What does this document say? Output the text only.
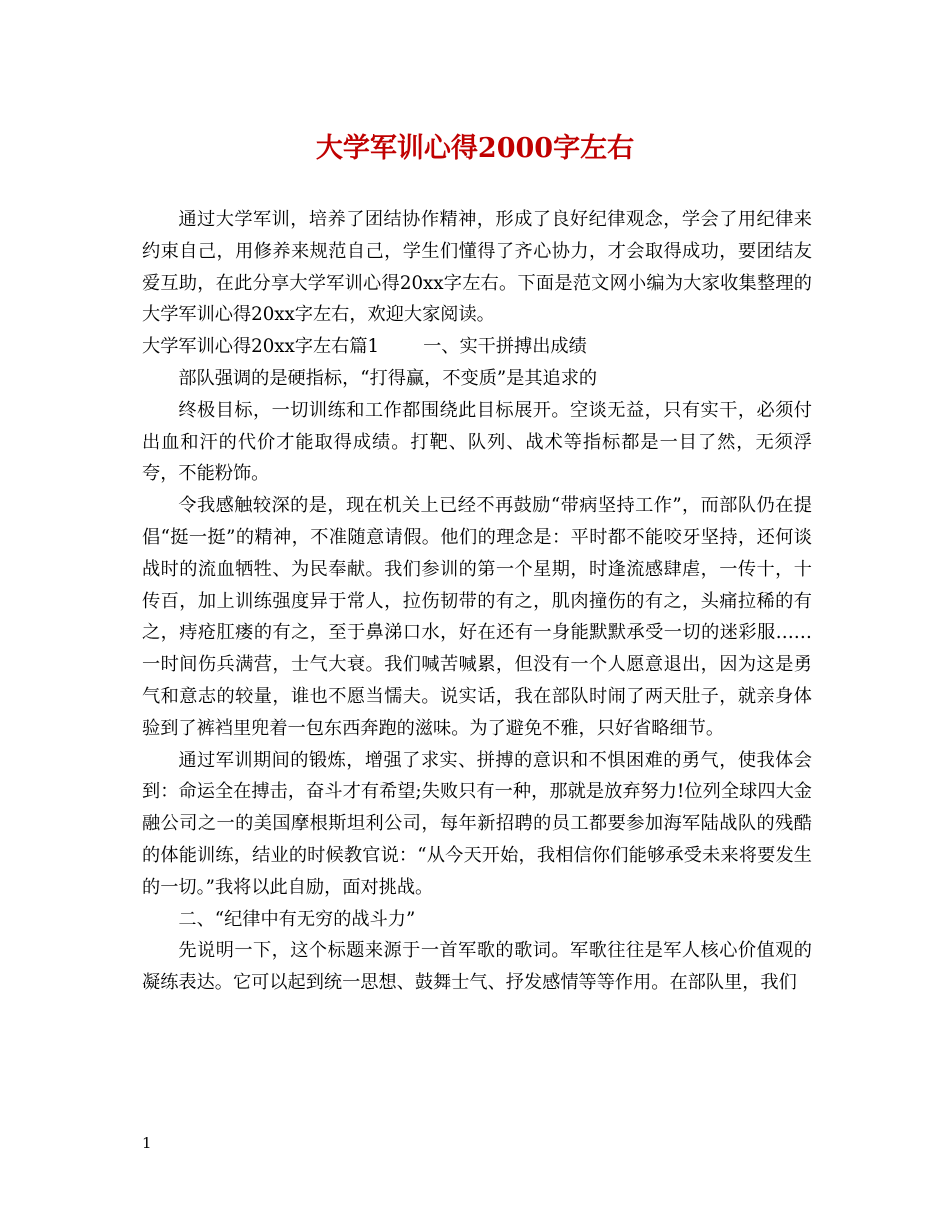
大学军训心得2000字左右

通过大学军训，培养了团结协作精神，形成了良好纪律观念，学会了用纪律来约束自己，用修养来规范自己，学生们懂得了齐心协力，才会取得成功，要团结友爱互助，在此分享大学军训心得20xx字左右。下面是范文网小编为大家收集整理的大学军训心得20xx字左右，欢迎大家阅读。

大学军训心得20xx字左右篇1 一、实干拼搏出成绩

部队强调的是硬指标，“打得赢，不变质”是其追求的

终极目标，一切训练和工作都围绕此目标展开。空谈无益，只有实干，必须付出血和汗的代价才能取得成绩。打靶、队列、战术等指标都是一目了然，无须浮夸，不能粉饰。

令我感触较深的是，现在机关上已经不再鼓励“带病坚持工作”，而部队仍在提倡“挺一挺”的精神，不准随意请假。他们的理念是：平时都不能咬牙坚持，还何谈战时的流血牺牲、为民奉献。我们参训的第一个星期，时逢流感肆虐，一传十，十传百，加上训练强度异于常人，拉伤韧带的有之，肌肉撞伤的有之，头痛拉稀的有之，痔疮肛瘘的有之，至于鼻涕口水，好在还有一身能默默承受一切的迷彩服……一时间伤兵满营，士气大衰。我们喊苦喊累，但没有一个人愿意退出，因为这是勇气和意志的较量，谁也不愿当懦夫。说实话，我在部队时闹了两天肚子，就亲身体验到了裤裆里兜着一包东西奔跑的滋味。为了避免不雅，只好省略细节。

通过军训期间的锻炼，增强了求实、拼搏的意识和不惧困难的勇气，使我体会到：命运全在搏击，奋斗才有希望;失败只有一种，那就是放弃努力!位列全球四大金融公司之一的美国摩根斯坦利公司，每年新招聘的员工都要参加海军陆战队的残酷的体能训练，结业的时候教官说：“从今天开始，我相信你们能够承受未来将要发生的一切。”我将以此自励，面对挑战。

二、“纪律中有无穷的战斗力”

先说明一下，这个标题来源于一首军歌的歌词。军歌往往是军人核心价值观的凝练表达。它可以起到统一思想、鼓舞士气、抒发感情等等作用。在部队里，我们

1
